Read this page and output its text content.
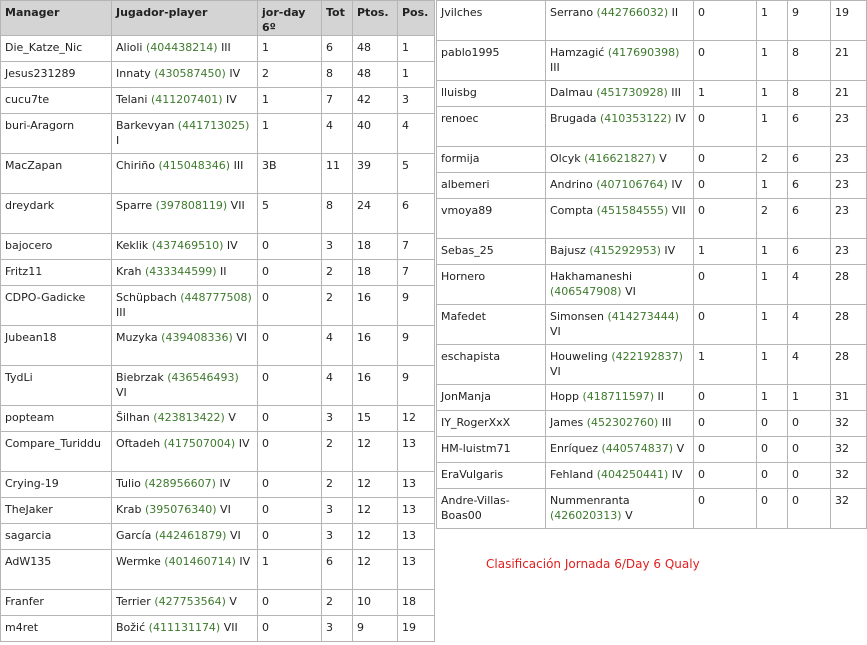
Manager	Jugador-player	jor-day 6º	Tot	Ptos.	Pos.
Die_Katze_Nic	Alioli (404438214) III	1	6	48	1
Jesus231289	Innaty (430587450) IV	2	8	48	1
cucu7te	Telani (411207401) IV	1	7	42	3
buri-Aragorn	Barkevyan (441713025) I	1	4	40	4
MacZapan	Chiriño (415048346) III	3B	11	39	5
dreydark	Sparre (397808119) VII	5	8	24	6
bajocero	Keklik (437469510) IV	0	3	18	7
Fritz11	Krah (433344599) II	0	2	18	7
CDPO-Gadicke	Schüpbach (448777508) III	0	2	16	9
Jubean18	Muzyka (439408336) VI	0	4	16	9
TydLi	Biebrzak (436546493) VI	0	4	16	9
popteam	Šilhan (423813422) V	0	3	15	12
Compare_Turiddu	Oftadeh (417507004) IV	0	2	12	13
Crying-19	Tulio (428956607) IV	0	2	12	13
TheJaker	Krab (395076340) VI	0	3	12	13
sagarcia	García (442461879) VI	0	3	12	13
AdW135	Wermke (401460714) IV	1	6	12	13
Franfer	Terrier (427753564) V	0	2	10	18
m4ret	Božić (411131174) VII	0	3	9	19
Jvilches	Serrano (442766032) II	0	1	9	19
pablo1995	Hamzagić (417690398) III	0	1	8	21
lluisbg	Dalmau (451730928) III	1	1	8	21
renoec	Brugada (410353122) IV	0	1	6	23
formija	Olcyk (416621827) V	0	2	6	23
albemeri	Andrino (407106764) IV	0	1	6	23
vmoya89	Compta (451584555) VII	0	2	6	23
Sebas_25	Bajusz (415292953) IV	1	1	6	23
Hornero	Hakhamaneshi (406547908) VI	0	1	4	28
Mafedet	Simonsen (414273444) VI	0	1	4	28
eschapista	Houweling (422192837) VI	1	1	4	28
JonManja	Hopp (418711597) II	0	1	1	31
IY_RogerXxX	James (452302760) III	0	0	0	32
HM-luistm71	Enríquez (440574837) V	0	0	0	32
EraVulgaris	Fehland (404250441) IV	0	0	0	32
Andre-Villas-Boas00	Nummenranta (426020313) V	0	0	0	32
Clasificación Jornada 6/Day 6 Qualy
